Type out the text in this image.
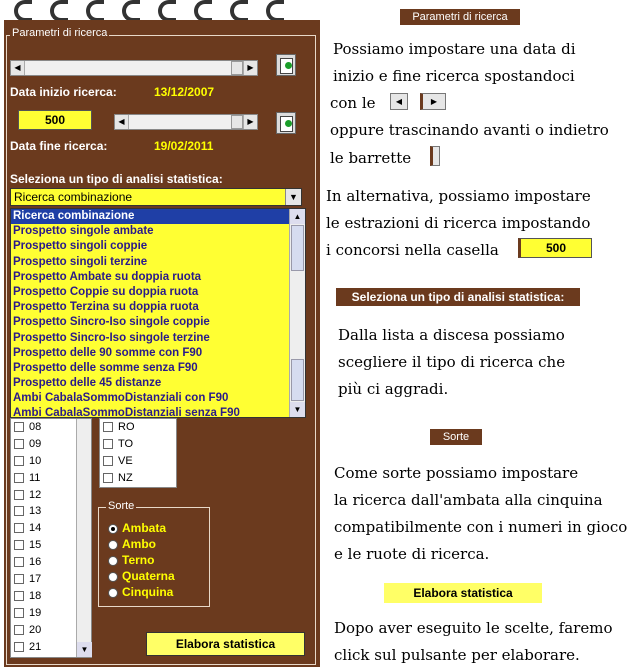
Parametri di ricerca
◀	▶
Data inizio ricerca:	13/12/2007
500	◀	▶
Data fine ricerca:	19/02/2011
Seleziona un tipo di analisi statistica:
Ricerca combinazione	▼
Ricerca combinazione
Prospetto singole ambate
Prospetto singoli coppie
Prospetto singoli terzine
Prospetto Ambate su doppia ruota
Prospetto Coppie su doppia ruota
Prospetto Terzina su doppia ruota
Prospetto Sincro-Iso singole coppie
Prospetto Sincro-Iso singole terzine
Prospetto delle 90 somme con F90
Prospetto delle somme senza F90
Prospetto delle 45 distanze
Ambi CabalaSommoDistanziali con F90
Ambi CabalaSommoDistanziali senza F90
▲
▼
08
09
10
11
12
13
14
15
16
17
18
19
20
21	▼
RO
TO
VE
NZ
Sorte
Ambata
Ambo
Terno
Quaterna
Cinquina
Elabora statistica
Parametri di ricerca
Possiamo impostare una data di
inizio e fine ricerca spostandoci
con le	◀	▶
oppure trascinando avanti o indietro
le barrette
In alternativa, possiamo impostare
le estrazioni di ricerca impostando
i concorsi nella casella	500
Seleziona un tipo di analisi statistica:
Dalla lista a discesa possiamo
scegliere il tipo di ricerca che
più ci aggradi.
Sorte
Come sorte possiamo impostare
la ricerca dall'ambata alla cinquina
compatibilmente con i numeri in gioco
e le ruote di ricerca.
Elabora statistica
Dopo aver eseguito le scelte, faremo
click sul pulsante per elaborare.
